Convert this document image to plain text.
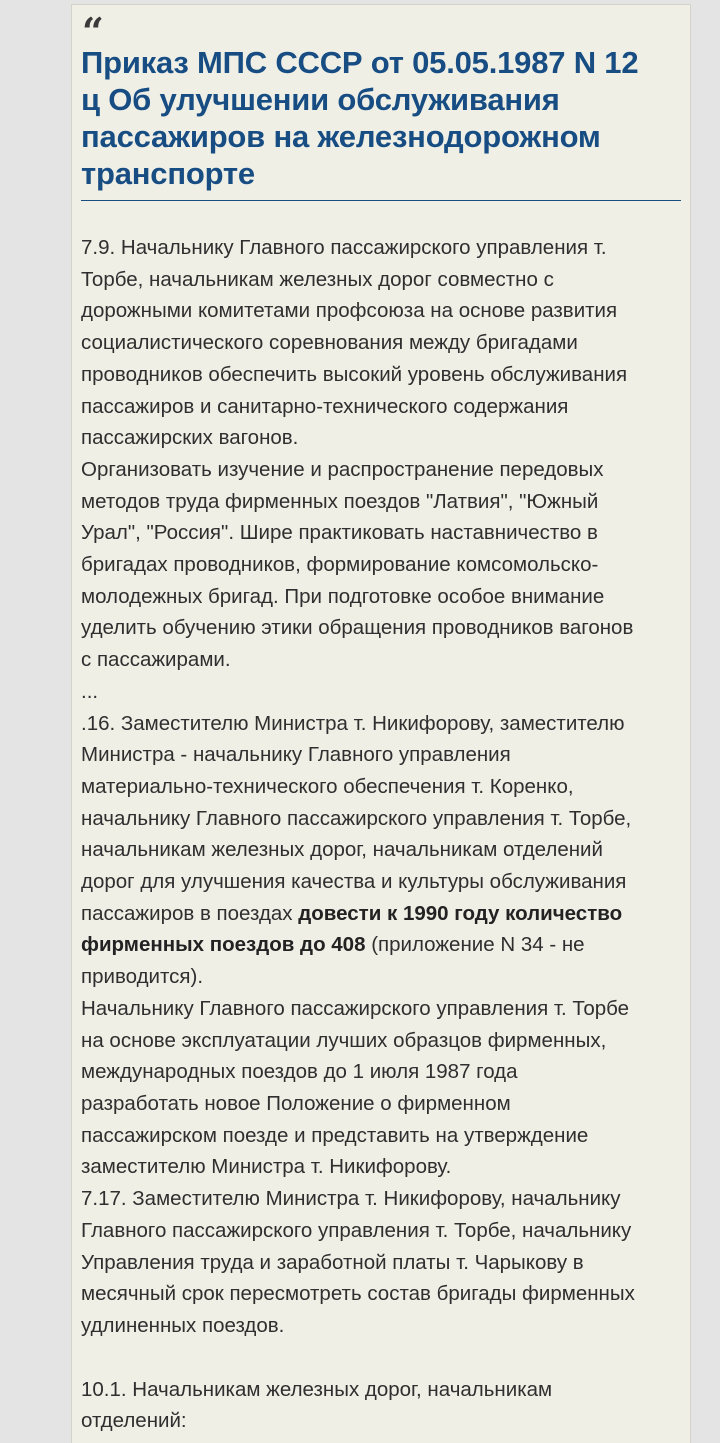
“
Приказ МПС СССР от 05.05.1987 N 12
ц Об улучшении обслуживания
пассажиров на железнодорожном
транспорте

7.9. Начальнику Главного пассажирского управления т.

Торбе, начальникам железных дорог совместно с

дорожными комитетами профсоюза на основе развития

социалистического соревнования между бригадами

проводников обеспечить высокий уровень обслуживания

пассажиров и санитарно-технического содержания

пассажирских вагонов.

Организовать изучение и распространение передовых

методов труда фирменных поездов "Латвия", "Южный

Урал", "Россия". Шире практиковать наставничество в

бригадах проводников, формирование комсомольско-

молодежных бригад. При подготовке особое внимание

уделить обучению этики обращения проводников вагонов

с пассажирами.

...

.16. Заместителю Министра т. Никифорову, заместителю

Министра - начальнику Главного управления

материально-технического обеспечения т. Коренко,

начальнику Главного пассажирского управления т. Торбе,

начальникам железных дорог, начальникам отделений

дорог для улучшения качества и культуры обслуживания

пассажиров в поездах довести к 1990 году количество

фирменных поездов до 408 (приложение N 34 - не

приводится).

Начальнику Главного пассажирского управления т. Торбе

на основе эксплуатации лучших образцов фирменных,

международных поездов до 1 июля 1987 года

разработать новое Положение о фирменном

пассажирском поезде и представить на утверждение

заместителю Министра т. Никифорову.

7.17. Заместителю Министра т. Никифорову, начальнику

Главного пассажирского управления т. Торбе, начальнику

Управления труда и заработной платы т. Чарыкову в

месячный срок пересмотреть состав бригады фирменных

удлиненных поездов.

10.1. Начальникам железных дорог, начальникам

отделений:
